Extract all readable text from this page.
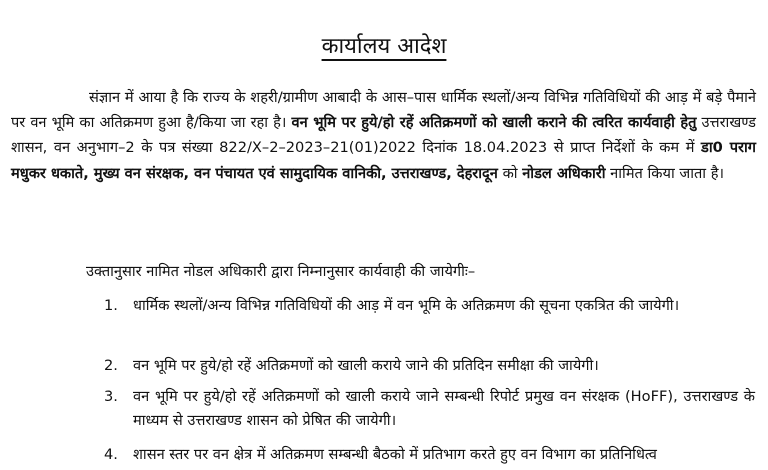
कार्यालय आदेश
संज्ञान में आया है कि राज्य के शहरी/ग्रामीण आबादी के आस–पास धार्मिक स्थलों/अन्य विभिन्न गतिविधियों की आड़ में बड़े पैमाने पर वन भूमि का अतिक्रमण हुआ है/किया जा रहा है। वन भूमि पर हुये/हो रहें अतिक्रमणों को खाली कराने की त्वरित कार्यवाही हेतु उत्तराखण्ड शासन, वन अनुभाग–2 के पत्र संख्या 822/X–2–2023–21(01)2022 दिनांक 18.04.2023 से प्राप्त निर्देशों के कम में डा0 पराग मधुकर धकाते, मुख्य वन संरक्षक, वन पंचायत एवं सामुदायिक वानिकी, उत्तराखण्ड, देहरादून को नोडल अधिकारी नामित किया जाता है।
उक्तानुसार नामित नोडल अधिकारी द्वारा निम्नानुसार कार्यवाही की जायेगीः–
1. धार्मिक स्थलों/अन्य विभिन्न गतिविधियों की आड़ में वन भूमि के अतिक्रमण की सूचना एकत्रित की जायेगी।
2. वन भूमि पर हुये/हो रहें अतिक्रमणों को खाली कराये जाने की प्रतिदिन समीक्षा की जायेगी।
3. वन भूमि पर हुये/हो रहें अतिक्रमणों को खाली कराये जाने सम्बन्धी रिपोर्ट प्रमुख वन संरक्षक (HoFF), उत्तराखण्ड के माध्यम से उत्तराखण्ड शासन को प्रेषित की जायेगी।
4. शासन स्तर पर वन क्षेत्र में अतिक्रमण सम्बन्धी बैठको में प्रतिभाग करते हुए वन विभाग का प्रतिनिधित्व
